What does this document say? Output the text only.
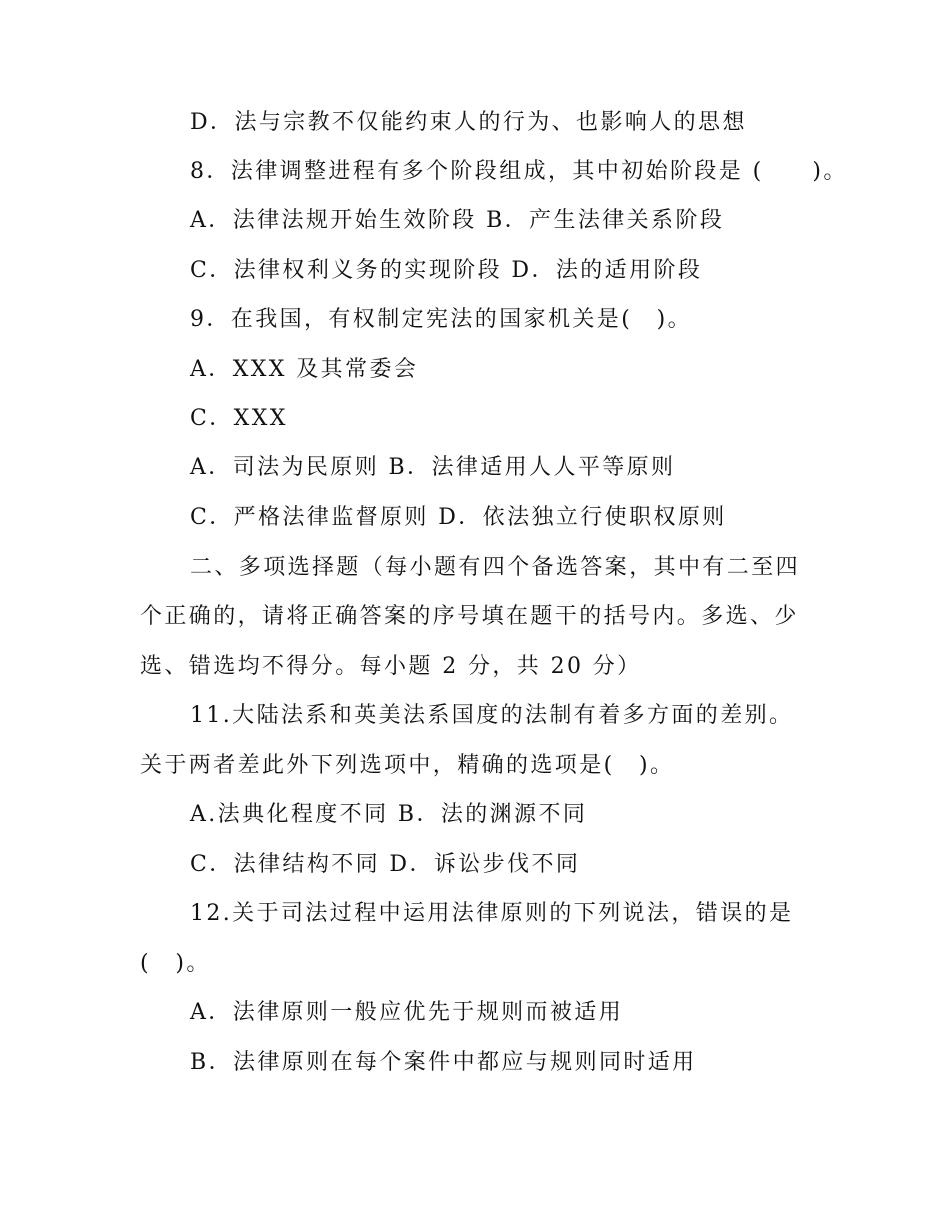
D．法与宗教不仅能约束人的行为、也影响人的思想
8．法律调整进程有多个阶段组成，其中初始阶段是 (　　)。
A．法律法规开始生效阶段 B．产生法律关系阶段
C．法律权利义务的实现阶段 D．法的适用阶段
9．在我国，有权制定宪法的国家机关是(　)。
A．XXX 及其常委会
C．XXX
A．司法为民原则 B．法律适用人人平等原则
C．严格法律监督原则 D．依法独立行使职权原则
二、多项选择题（每小题有四个备选答案，其中有二至四
个正确的，请将正确答案的序号填在题干的括号内。多选、少
选、错选均不得分。每小题 2 分，共 20 分）
11.大陆法系和英美法系国度的法制有着多方面的差别。
关于两者差此外下列选项中，精确的选项是(　)。
A.法典化程度不同 B．法的渊源不同
C．法律结构不同 D．诉讼步伐不同
12.关于司法过程中运用法律原则的下列说法，错误的是
(　)。
A．法律原则一般应优先于规则而被适用
B．法律原则在每个案件中都应与规则同时适用
